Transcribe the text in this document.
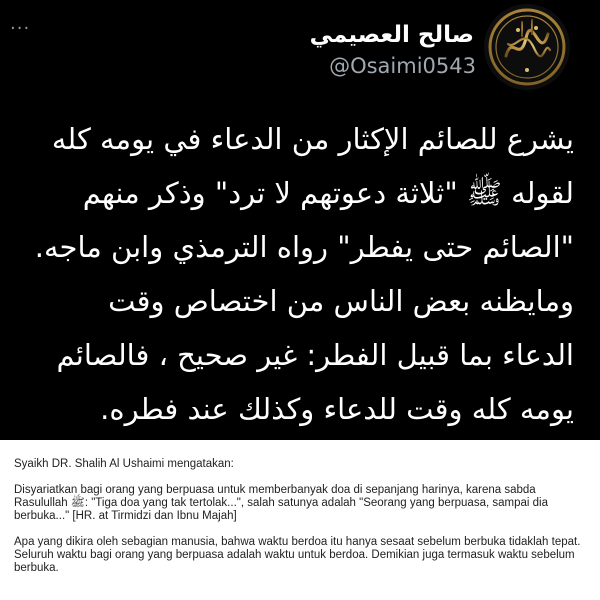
···	صالح العصيمي
@Osaimi0543
يشرع للصائم الإكثار من الدعاء في يومه كله
لقوله ﷺ "ثلاثة دعوتهم لا ترد" وذكر منهم
"الصائم حتى يفطر" رواه الترمذي وابن ماجه.
ومايظنه بعض الناس من اختصاص وقت
الدعاء بما قبيل الفطر: غير صحيح ، فالصائم
يومه كله وقت للدعاء وكذلك عند فطره.

Syaikh DR. Shalih Al Ushaimi mengatakan:

Disyariatkan bagi orang yang berpuasa untuk memberbanyak doa di sepanjang harinya, karena sabda Rasulullah ﷺ: "Tiga doa yang tak tertolak...", salah satunya adalah "Seorang yang berpuasa, sampai dia berbuka..." [HR. at Tirmidzi dan Ibnu Majah]

Apa yang dikira oleh sebagian manusia, bahwa waktu berdoa itu hanya sesaat sebelum berbuka tidaklah tepat. Seluruh waktu bagi orang yang berpuasa adalah waktu untuk berdoa. Demikian juga termasuk waktu sebelum berbuka.
